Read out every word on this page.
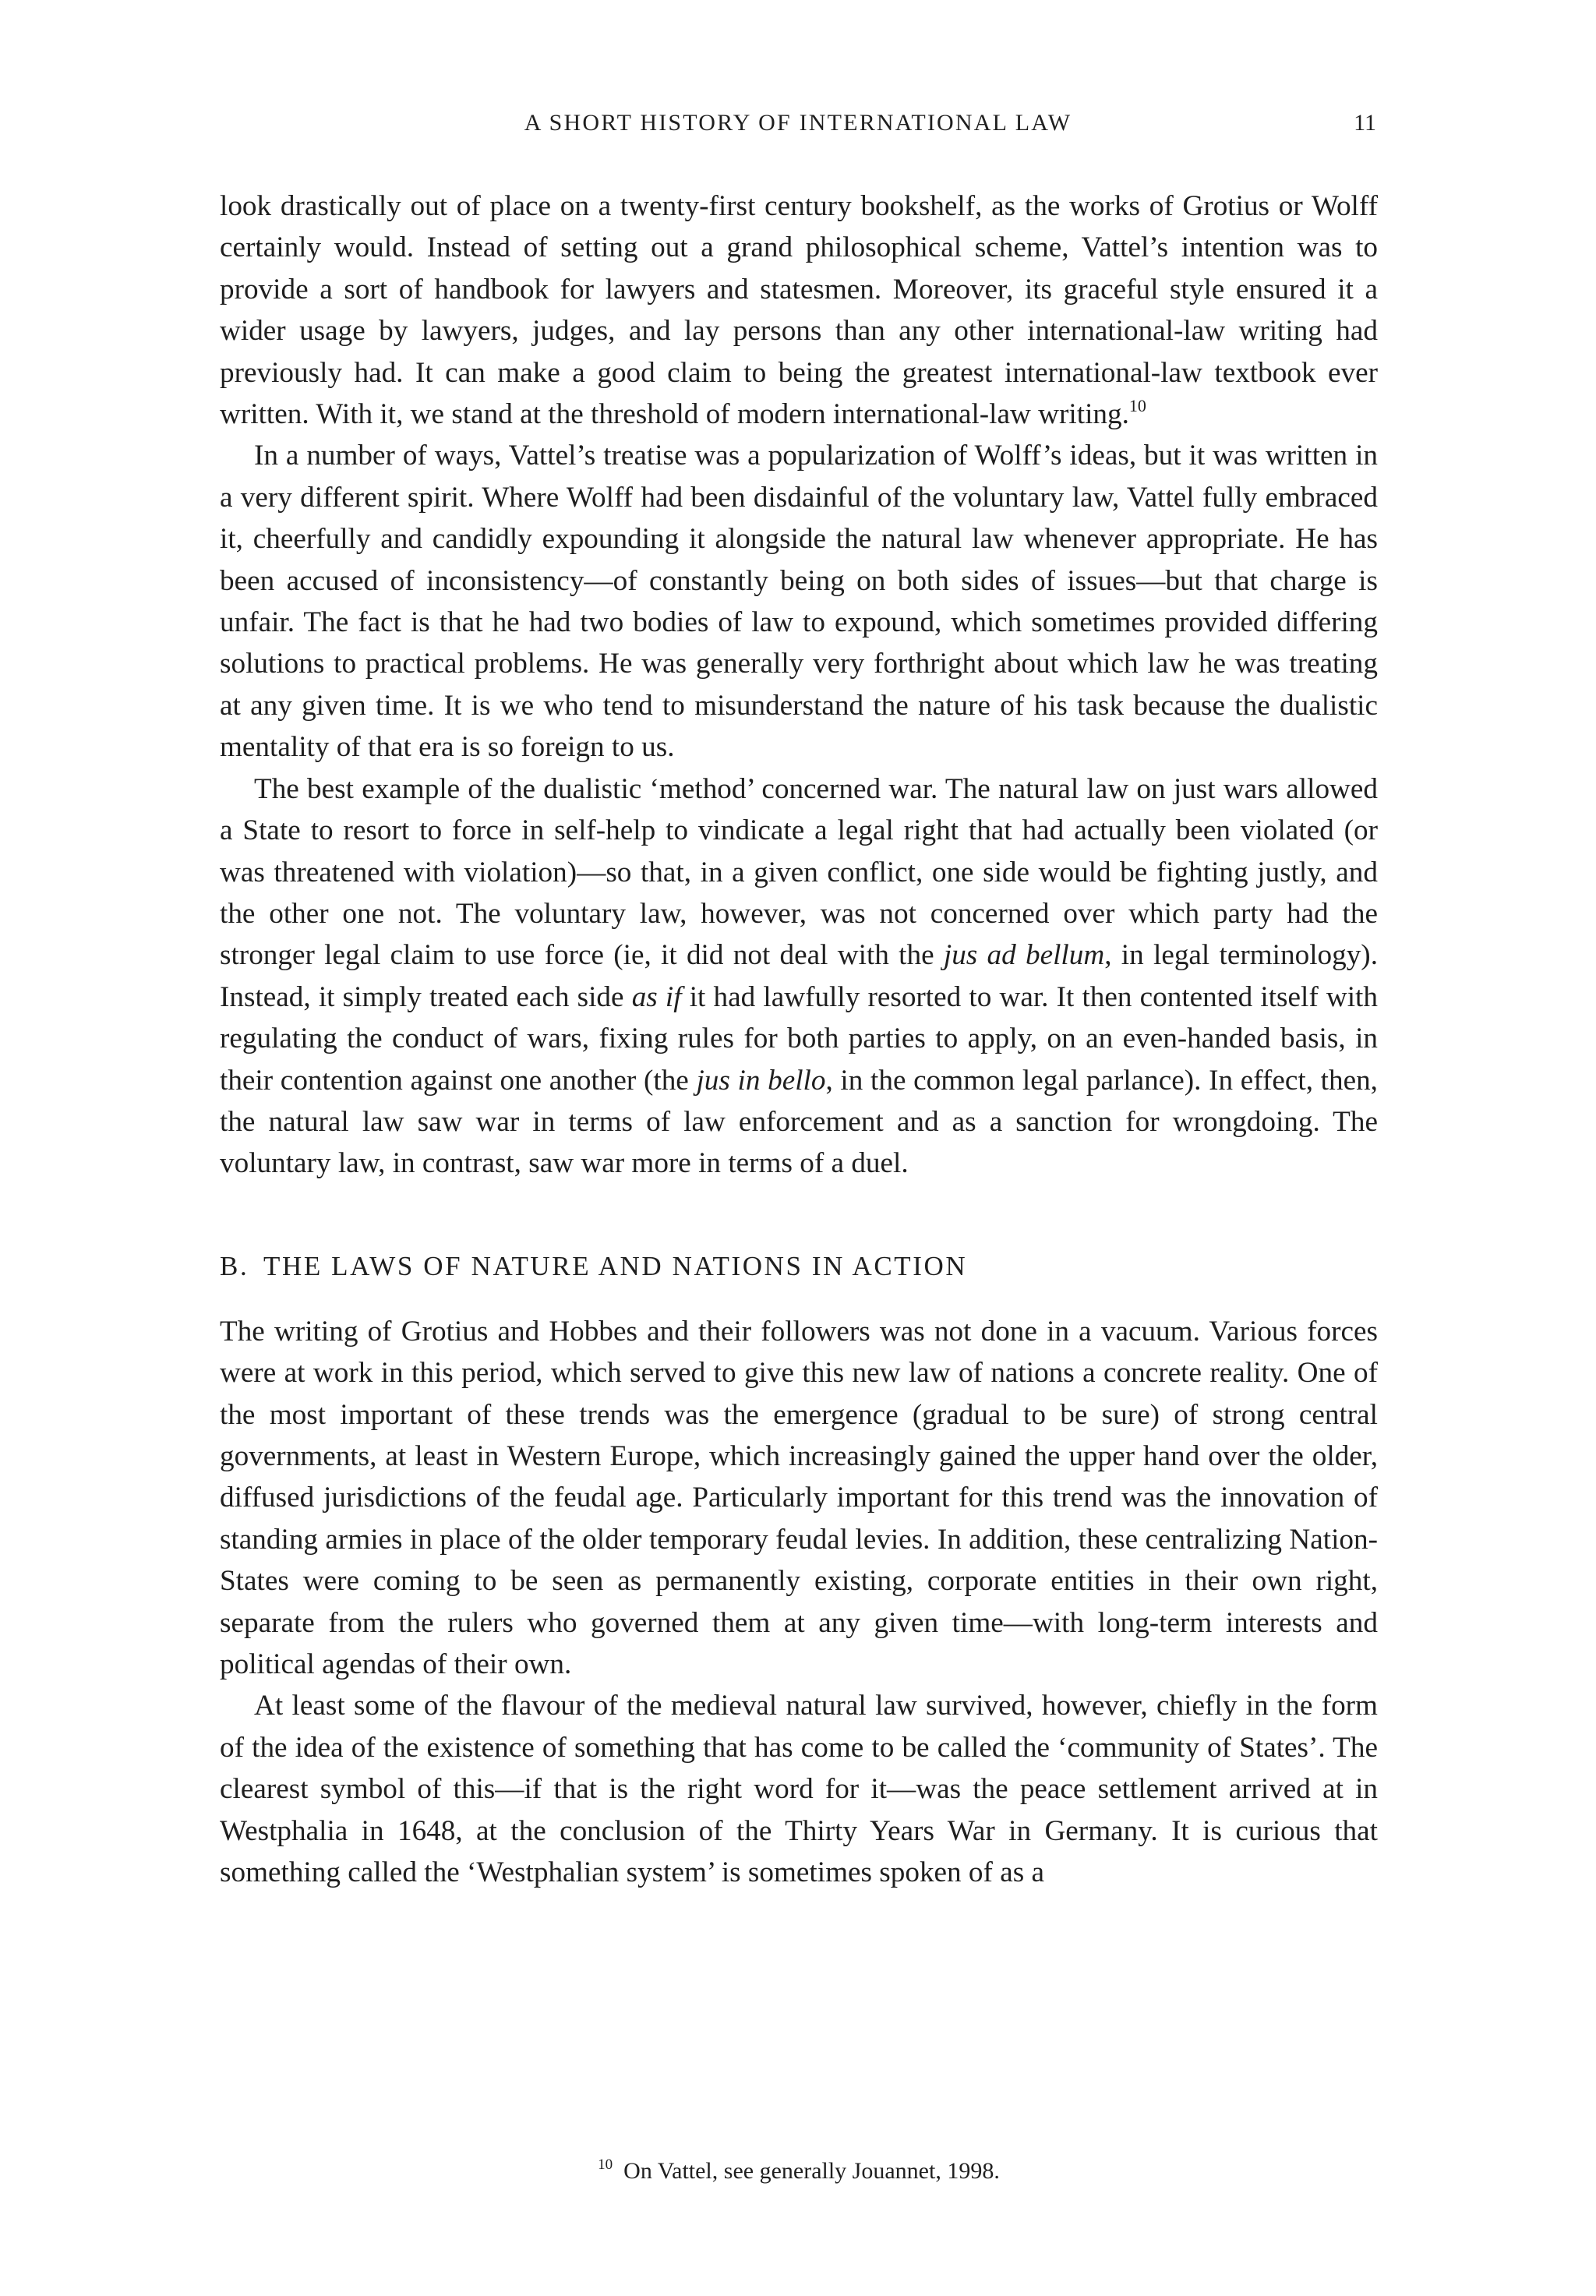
A SHORT HISTORY OF INTERNATIONAL LAW	11

look drastically out of place on a twenty-first century bookshelf, as the works of Grotius or Wolff certainly would. Instead of setting out a grand philosophical scheme, Vattel’s intention was to provide a sort of handbook for lawyers and statesmen. Moreover, its graceful style ensured it a wider usage by lawyers, judges, and lay persons than any other international-law writing had previously had. It can make a good claim to being the greatest international-law textbook ever written. With it, we stand at the threshold of modern international-law writing.$^{10}$

In a number of ways, Vattel’s treatise was a popularization of Wolff’s ideas, but it was written in a very different spirit. Where Wolff had been disdainful of the voluntary law, Vattel fully embraced it, cheerfully and candidly expounding it alongside the natural law whenever appropriate. He has been accused of inconsistency—of constantly being on both sides of issues—but that charge is unfair. The fact is that he had two bodies of law to expound, which sometimes provided differing solutions to practical problems. He was generally very forthright about which law he was treating at any given time. It is we who tend to misunderstand the nature of his task because the dualistic mentality of that era is so foreign to us.

The best example of the dualistic ‘method’ concerned war. The natural law on just wars allowed a State to resort to force in self-help to vindicate a legal right that had actually been violated (or was threatened with violation)—so that, in a given conflict, one side would be fighting justly, and the other one not. The voluntary law, however, was not concerned over which party had the stronger legal claim to use force (ie, it did not deal with the jus ad bellum, in legal terminology). Instead, it simply treated each side as if it had lawfully resorted to war. It then contented itself with regulating the conduct of wars, fixing rules for both parties to apply, on an even-handed basis, in their contention against one another (the jus in bello, in the common legal parlance). In effect, then, the natural law saw war in terms of law enforcement and as a sanction for wrongdoing. The voluntary law, in contrast, saw war more in terms of a duel.

B. THE LAWS OF NATURE AND NATIONS IN ACTION

The writing of Grotius and Hobbes and their followers was not done in a vacuum. Various forces were at work in this period, which served to give this new law of nations a concrete reality. One of the most important of these trends was the emergence (gradual to be sure) of strong central governments, at least in Western Europe, which increasingly gained the upper hand over the older, diffused jurisdictions of the feudal age. Particularly important for this trend was the innovation of standing armies in place of the older temporary feudal levies. In addition, these centralizing Nation-States were coming to be seen as permanently existing, corporate entities in their own right, separate from the rulers who governed them at any given time—with long-term interests and political agendas of their own.

At least some of the flavour of the medieval natural law survived, however, chiefly in the form of the idea of the existence of something that has come to be called the ‘community of States’. The clearest symbol of this—if that is the right word for it—was the peace settlement arrived at in Westphalia in 1648, at the conclusion of the Thirty Years War in Germany. It is curious that something called the ‘Westphalian system’ is sometimes spoken of as a

$^{10}$ On Vattel, see generally Jouannet, 1998.
